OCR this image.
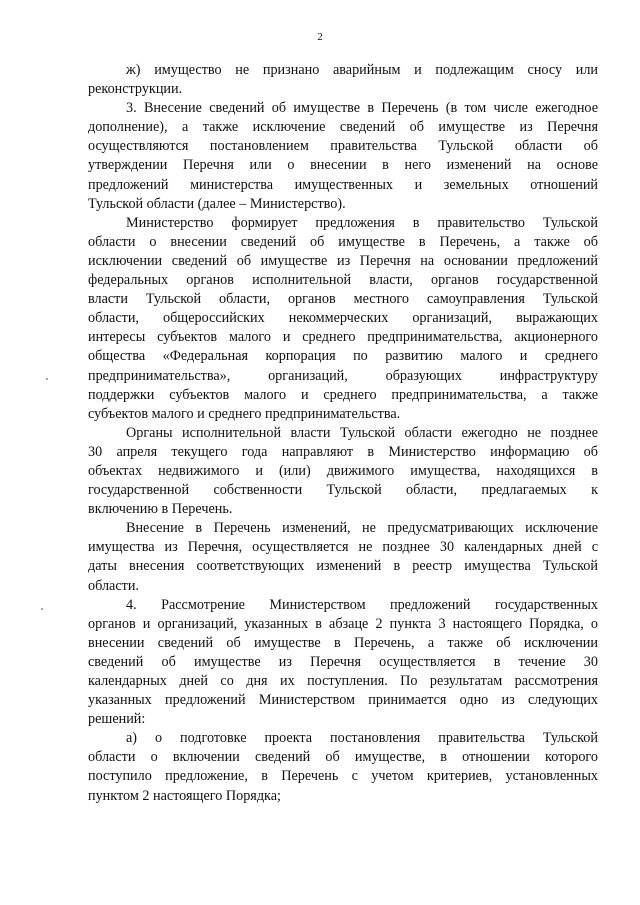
2
ж) имущество не признано аварийным и подлежащим сносу или
реконструкции.
3. Внесение сведений об имуществе в Перечень (в том числе ежегодное
дополнение), а также исключение сведений об имуществе из Перечня
осуществляются постановлением правительства Тульской области об
утверждении Перечня или о внесении в него изменений на основе
предложений министерства имущественных и земельных отношений
Тульской области (далее – Министерство).
Министерство формирует предложения в правительство Тульской
области о внесении сведений об имуществе в Перечень, а также об
исключении сведений об имуществе из Перечня на основании предложений
федеральных органов исполнительной власти, органов государственной
власти Тульской области, органов местного самоуправления Тульской
области, общероссийских некоммерческих организаций, выражающих
интересы субъектов малого и среднего предпринимательства, акционерного
общества «Федеральная корпорация по развитию малого и среднего
предпринимательства», организаций, образующих инфраструктуру
поддержки субъектов малого и среднего предпринимательства, а также
субъектов малого и среднего предпринимательства.
Органы исполнительной власти Тульской области ежегодно не позднее
30 апреля текущего года направляют в Министерство информацию об
объектах недвижимого и (или) движимого имущества, находящихся в
государственной собственности Тульской области, предлагаемых к
включению в Перечень.
Внесение в Перечень изменений, не предусматривающих исключение
имущества из Перечня, осуществляется не позднее 30 календарных дней с
даты внесения соответствующих изменений в реестр имущества Тульской
области.
4. Рассмотрение Министерством предложений государственных
органов и организаций, указанных в абзаце 2 пункта 3 настоящего Порядка, о
внесении сведений об имуществе в Перечень, а также об исключении
сведений об имуществе из Перечня осуществляется в течение 30
календарных дней со дня их поступления. По результатам рассмотрения
указанных предложений Министерством принимается одно из следующих
решений:
а) о подготовке проекта постановления правительства Тульской
области о включении сведений об имуществе, в отношении которого
поступило предложение, в Перечень с учетом критериев, установленных
пунктом 2 настоящего Порядка;
